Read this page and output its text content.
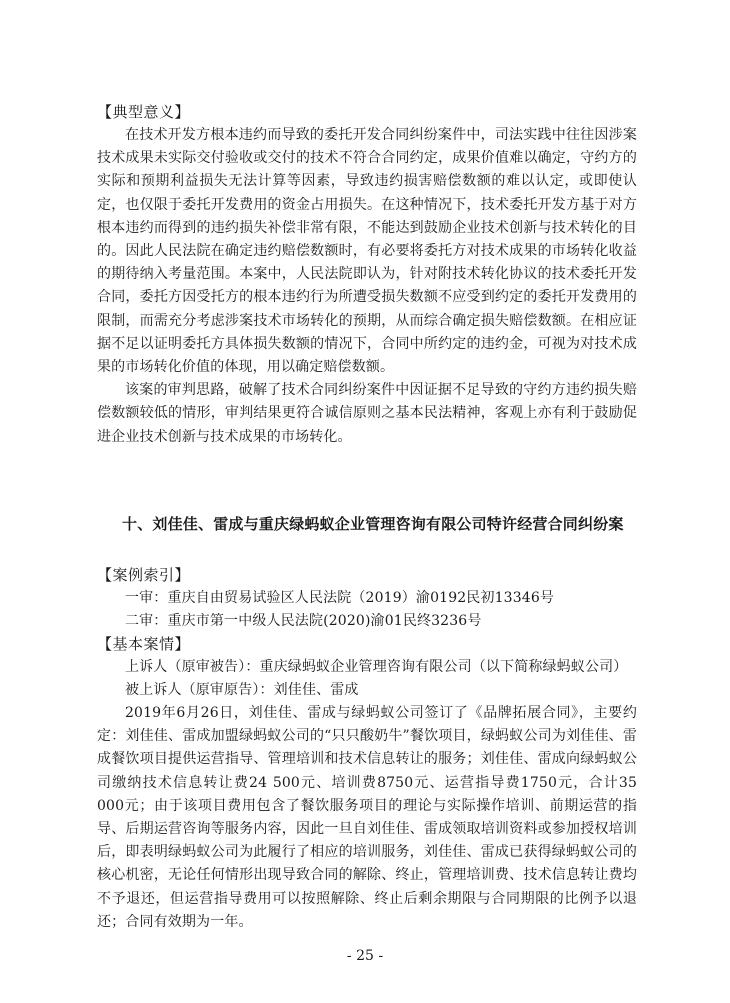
【典型意义】

在技术开发方根本违约而导致的委托开发合同纠纷案件中，司法实践中往往因涉案技术成果未实际交付验收或交付的技术不符合合同约定，成果价值难以确定，守约方的实际和预期利益损失无法计算等因素，导致违约损害赔偿数额的难以认定，或即使认定，也仅限于委托开发费用的资金占用损失。在这种情况下，技术委托开发方基于对方根本违约而得到的违约损失补偿非常有限，不能达到鼓励企业技术创新与技术转化的目的。因此人民法院在确定违约赔偿数额时，有必要将委托方对技术成果的市场转化收益的期待纳入考量范围。本案中，人民法院即认为，针对附技术转化协议的技术委托开发合同，委托方因受托方的根本违约行为所遭受损失数额不应受到约定的委托开发费用的限制，而需充分考虑涉案技术市场转化的预期，从而综合确定损失赔偿数额。在相应证据不足以证明委托方具体损失数额的情况下，合同中所约定的违约金，可视为对技术成果的市场转化价值的体现，用以确定赔偿数额。

该案的审判思路，破解了技术合同纠纷案件中因证据不足导致的守约方违约损失赔偿数额较低的情形，审判结果更符合诚信原则之基本民法精神，客观上亦有利于鼓励促进企业技术创新与技术成果的市场转化。

十、刘佳佳、雷成与重庆绿蚂蚁企业管理咨询有限公司特许经营合同纠纷案
【案例索引】
一审：重庆自由贸易试验区人民法院（2019）渝0192民初13346号
二审：重庆市第一中级人民法院(2020)渝01民终3236号
【基本案情】
上诉人（原审被告）：重庆绿蚂蚁企业管理咨询有限公司（以下简称绿蚂蚁公司）
被上诉人（原审原告）：刘佳佳、雷成

2019年6月26日，刘佳佳、雷成与绿蚂蚁公司签订了《品牌拓展合同》，主要约定：刘佳佳、雷成加盟绿蚂蚁公司的“只只酸奶牛”餐饮项目，绿蚂蚁公司为刘佳佳、雷成餐饮项目提供运营指导、管理培训和技术信息转让的服务；刘佳佳、雷成向绿蚂蚁公司缴纳技术信息转让费24 500元、培训费8750元、运营指导费1750元，合计35 000元；由于该项目费用包含了餐饮服务项目的理论与实际操作培训、前期运营的指导、后期运营咨询等服务内容，因此一旦自刘佳佳、雷成领取培训资料或参加授权培训后，即表明绿蚂蚁公司为此履行了相应的培训服务，刘佳佳、雷成已获得绿蚂蚁公司的核心机密，无论任何情形出现导致合同的解除、终止，管理培训费、技术信息转让费均不予退还，但运营指导费用可以按照解除、终止后剩余期限与合同期限的比例予以退还；合同有效期为一年。

- 25 -
